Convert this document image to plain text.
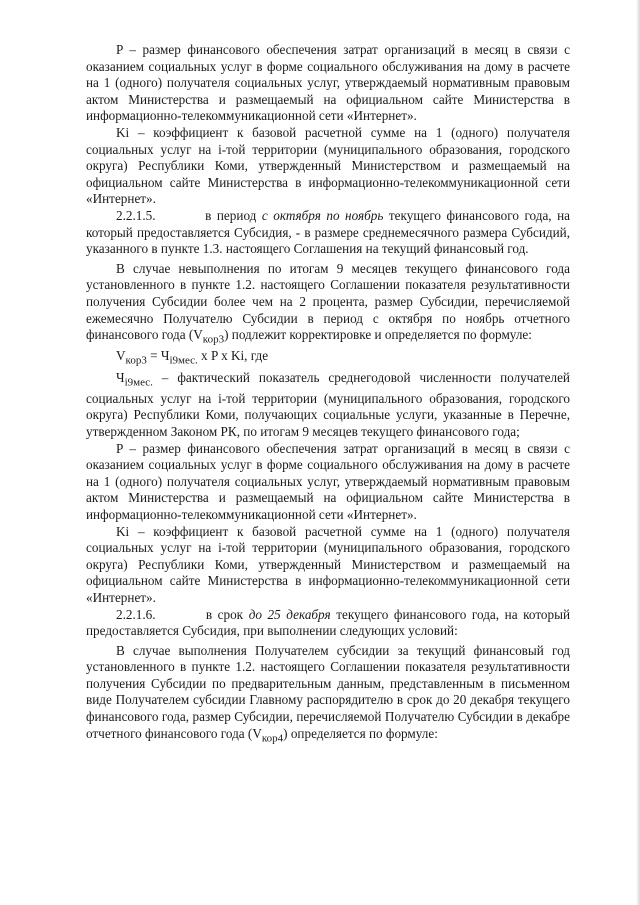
P – размер финансового обеспечения затрат организаций в месяц в связи с оказанием социальных услуг в форме социального обслуживания на дому в расчете на 1 (одного) получателя социальных услуг, утверждаемый нормативным правовым актом Министерства и размещаемый на официальном сайте Министерства в информационно-телекоммуникационной сети «Интернет».

Ki – коэффициент к базовой расчетной сумме на 1 (одного) получателя социальных услуг на i-той территории (муниципального образования, городского округа) Республики Коми, утвержденный Министерством и размещаемый на официальном сайте Министерства в информационно-телекоммуникационной сети «Интернет».

2.2.1.5.	в период с октября по ноябрь текущего финансового года, на который предоставляется Субсидия, - в размере среднемесячного размера Субсидий, указанного в пункте 1.3. настоящего Соглашения на текущий финансовый год.

В случае невыполнения по итогам 9 месяцев текущего финансового года установленного в пункте 1.2. настоящего Соглашении показателя результативности получения Субсидии более чем на 2 процента, размер Субсидии, перечисляемой ежемесячно Получателю Субсидии в период с октября по ноябрь отчетного финансового года $(V_{кор3})$ подлежит корректировке и определяется по формуле:

$V_{кор3} = Ч_{i9мес.}$ х P х Ki, где

$Ч_{i9мес.}$ – фактический показатель среднегодовой численности получателей социальных услуг на i-той территории (муниципального образования, городского округа) Республики Коми, получающих социальные услуги, указанные в Перечне, утвержденном Законом РК, по итогам 9 месяцев текущего финансового года;

P – размер финансового обеспечения затрат организаций в месяц в связи с оказанием социальных услуг в форме социального обслуживания на дому в расчете на 1 (одного) получателя социальных услуг, утверждаемый нормативным правовым актом Министерства и размещаемый на официальном сайте Министерства в информационно-телекоммуникационной сети «Интернет».

Ki – коэффициент к базовой расчетной сумме на 1 (одного) получателя социальных услуг на i-той территории (муниципального образования, городского округа) Республики Коми, утвержденный Министерством и размещаемый на официальном сайте Министерства в информационно-телекоммуникационной сети «Интернет».

2.2.1.6.	в срок до 25 декабря текущего финансового года, на который предоставляется Субсидия, при выполнении следующих условий:

В случае выполнения Получателем субсидии за текущий финансовый год установленного в пункте 1.2. настоящего Соглашении показателя результативности получения Субсидии по предварительным данным, представленным в письменном виде Получателем субсидии Главному распорядителю в срок до 20 декабря текущего финансового года, размер Субсидии, перечисляемой Получателю Субсидии в декабре отчетного финансового года $(V_{кор4})$ определяется по формуле:
